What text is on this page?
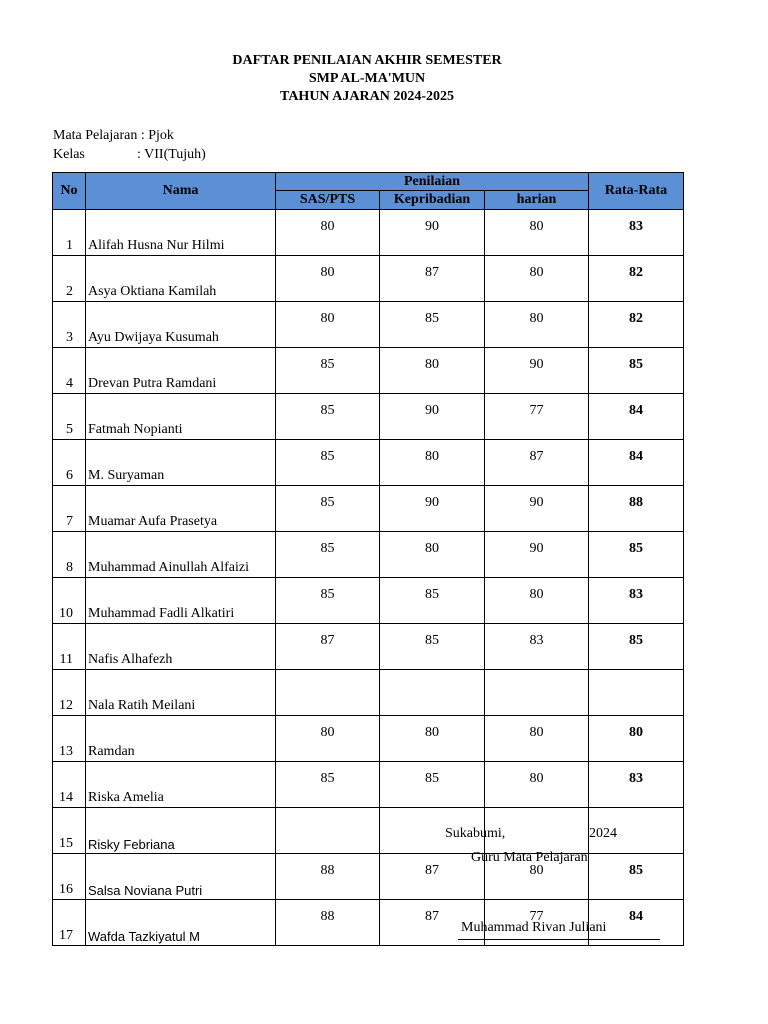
DAFTAR PENILAIAN AKHIR SEMESTER
SMP AL-MA'MUN
TAHUN AJARAN 2024-2025
Mata Pelajaran : Pjok
Kelas	: VII(Tujuh)
No	Nama	Penilaian			Rata-Rata
		SAS/PTS	Kepribadian	harian	
1	Alifah Husna Nur Hilmi	80	90	80	83
2	Asya Oktiana Kamilah	80	87	80	82
3	Ayu Dwijaya Kusumah	80	85	80	82
4	Drevan Putra Ramdani	85	80	90	85
5	Fatmah Nopianti	85	90	77	84
6	M. Suryaman	85	80	87	84
7	Muamar Aufa Prasetya	85	90	90	88
8	Muhammad Ainullah Alfaizi	85	80	90	85
10	Muhammad Fadli Alkatiri	85	85	80	83
11	Nafis Alhafezh	87	85	83	85
12	Nala Ratih Meilani				
13	Ramdan	80	80	80	80
14	Riska Amelia	85	85	80	83
15	Risky Febriana				
16	Salsa Noviana Putri	88	87	80	85
17	Wafda Tazkiyatul M	88	87	77	84
Sukabumi,	2024
Guru Mata Pelajaran
Muhammad Rivan Juliani
